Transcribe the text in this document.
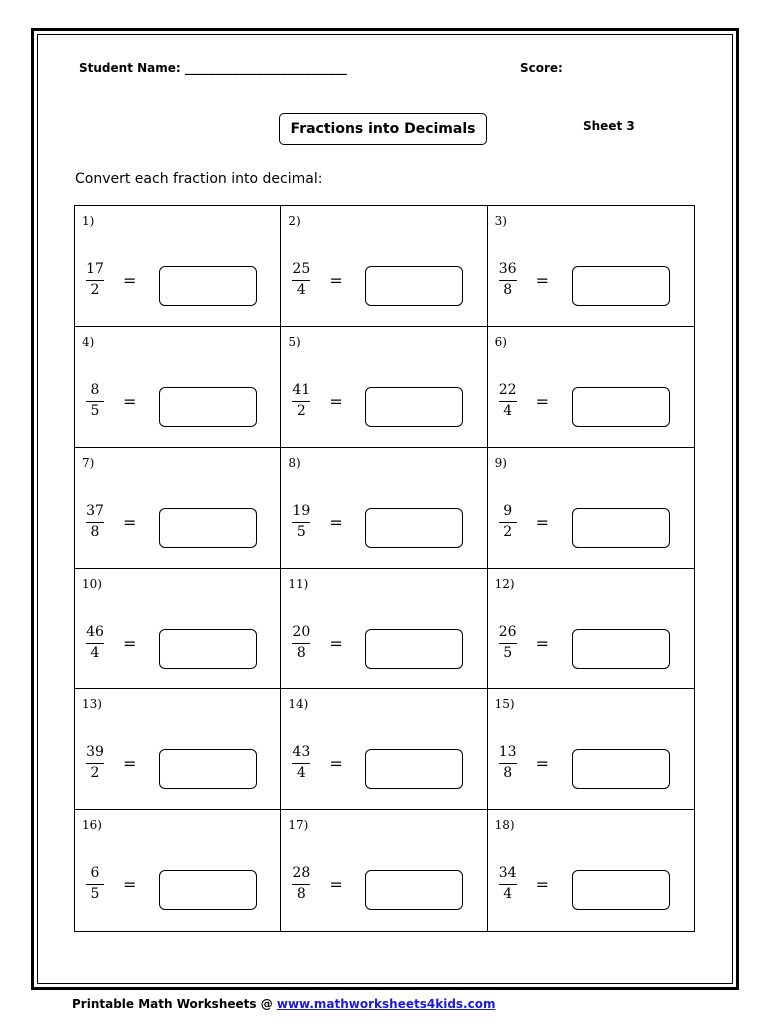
Student Name: ___________________________	Score:
Fractions into Decimals	Sheet 3
Convert each fraction into decimal:
1)
17
2 =
2)
25
4 =
3)
36
8 =
4)
8
5 =
5)
41
2 =
6)
22
4 =
7)
37
8 =
8)
19
5 =
9)
9
2 =
10)
46
4 =
11)
20
8 =
12)
26
5 =
13)
39
2 =
14)
43
4 =
15)
13
8 =
16)
6
5 =
17)
28
8 =
18)
34
4 =
Printable Math Worksheets @ www.mathworksheets4kids.com
